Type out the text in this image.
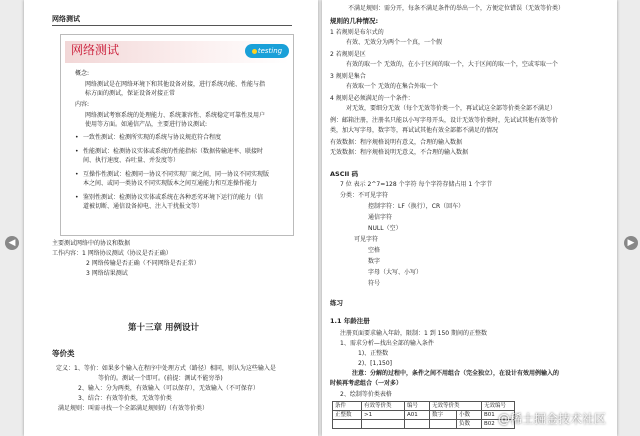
◀	▶
网络测试
网络测试	testing
概念:
网络测试是在网络环境下和其他设备对接，进行系统功能、性能与指
标方面的测试，保证设备对接正常
内容:
网络测试考察系统的处理能力、系统兼容性、系统稳定可靠性及用户
使用等方面。如通信产品，主要进行协议测试:
• 一致性测试：检测所实现的系统与协议规范符合程度
• 性能测试：检测协议实体或系统的性能指标（数据传输速率、联接时
间、执行速度、吞吐量、并发度等）
• 互操作性测试：检测同一协议不同实现厂商之间，同一协议不同实现版
本之间、或同一类协议不同实现版本之间互通能力和互连操作能力
• 鉴别性测试：检测协议实体或系统在各种恶劣环境下运行的能力（信
道被切断、通信设备掉电、注入干扰报文等）
主要测试网络中的协议和数据
工作内容：1 网络协议测试（协议是否正确）
2 网络传输是否正确（不同网络是否正常）
3 网络结果测试
第十三章 用例设计
等价类
定义：1、等价：如果多个输入在程序中处理方式（路径）相同，则认为这些输入是
等价的。测试一个即可。(前提：测试不能穷举)
2、输入：分为两类，有效输入（可以保存），无效输入（不可保存）
3、结合：有效等价类，无效等价类
满足规则：叫需寻找一个全部满足规则的（有效等价类）
不满足规则：需分开，每条不满足条件的举出一个，方便定位错误（无效等价类）
规则的几种情况:
1 若规则是布尔式的
有效、无效分为两个一个真，一个假
2 若规则是区
有效的取一个 无效的，在小于区间的取一个，大于区间的取一个，空或零取一个
3 规则是集合
有效取一个 无效的在集合外取一个
4 规则是必须满足的一个条件：
对无效，要细分无效（每个无效等价类一个，再试试这全部等价类全部不满足）
例：邮箱注册，注册名只能以小写字母开头，设计无效等价类时，先试试其他有效等价
类，加大写字母，数字等，再试试其他有效全部都不满足的情况
有效数据：程序规格说明有意义，合理的输入数据
无效数据：程序规格说明无意义，不合理的输入数据
ASCII 码
7 位 表示 2^7=128 个字符 每个字符存储占用 1 个字节
分类：不可见字符
控制字符：LF（换行），CR（回车）
通信字符
NULL（空）
可见字符
空格
数字
字母（大写、小写）
符号
练习
1.1 年龄注册
注册页面要求输入年龄，限制：1 到 150 期间的正整数
1、需求分析—找出全部的输入条件
1)、正整数
2)、[1,150]
注意：分解的过程中，条件之间不用组合（完全独立），在设计有效用例输入的
时候再考虑组合（一对多）
2、绘制等价类表格
条件	有效等价类	编号	无效等价类		无效编号
正整数	>1	A01	数字	小数	B01
				负数	B02 @稀土掘金技术社区
